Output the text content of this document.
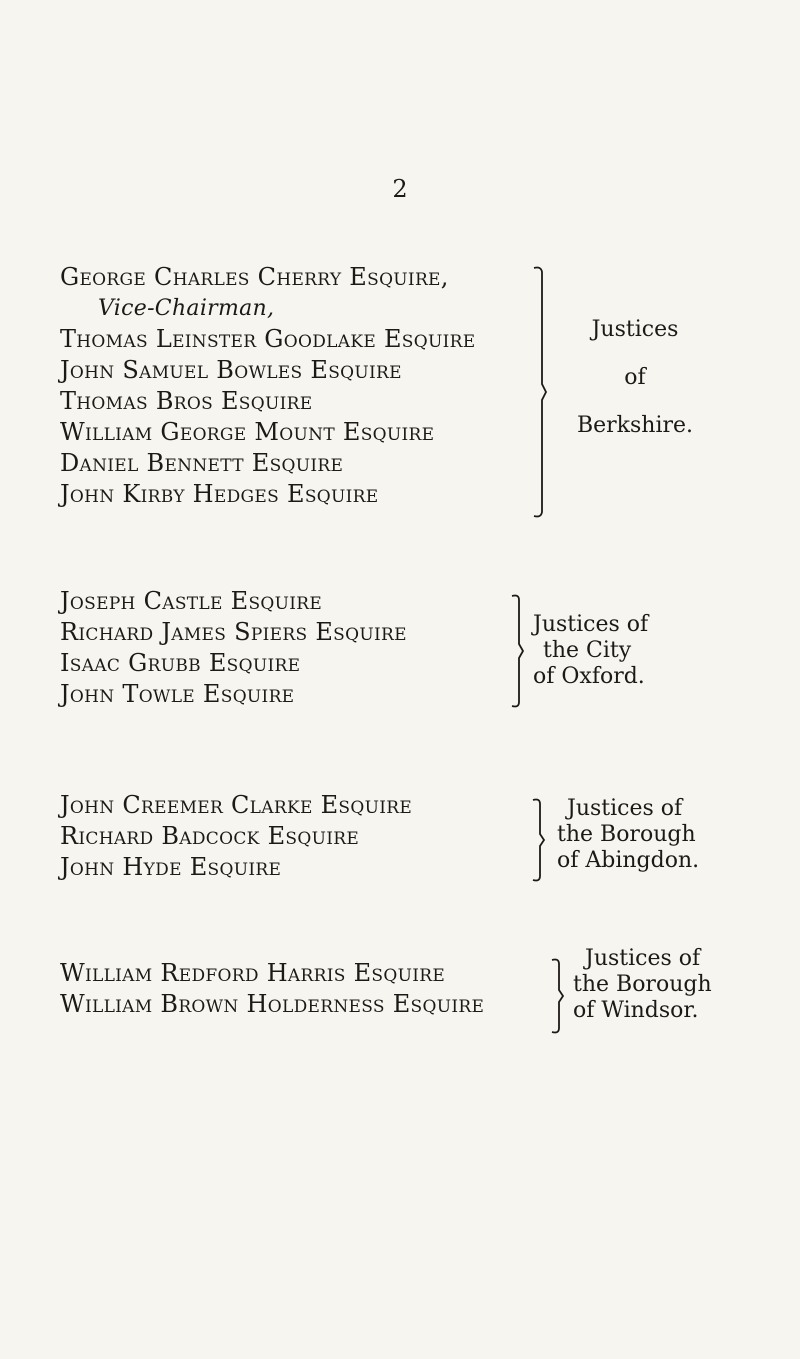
2
George Charles Cherry Esquire,
Vice-Chairman,
Thomas Leinster Goodlake Esquire
John Samuel Bowles Esquire
Thomas Bros Esquire
William George Mount Esquire
Daniel Bennett Esquire
John Kirby Hedges Esquire
Justices
of
Berkshire.
Joseph Castle Esquire
Richard James Spiers Esquire
Isaac Grubb Esquire
John Towle Esquire
Justices of
the City
of Oxford.
John Creemer Clarke Esquire
Richard Badcock Esquire
John Hyde Esquire
Justices of
the Borough
of Abingdon.
William Redford Harris Esquire
William Brown Holderness Esquire
Justices of
the Borough
of Windsor.
